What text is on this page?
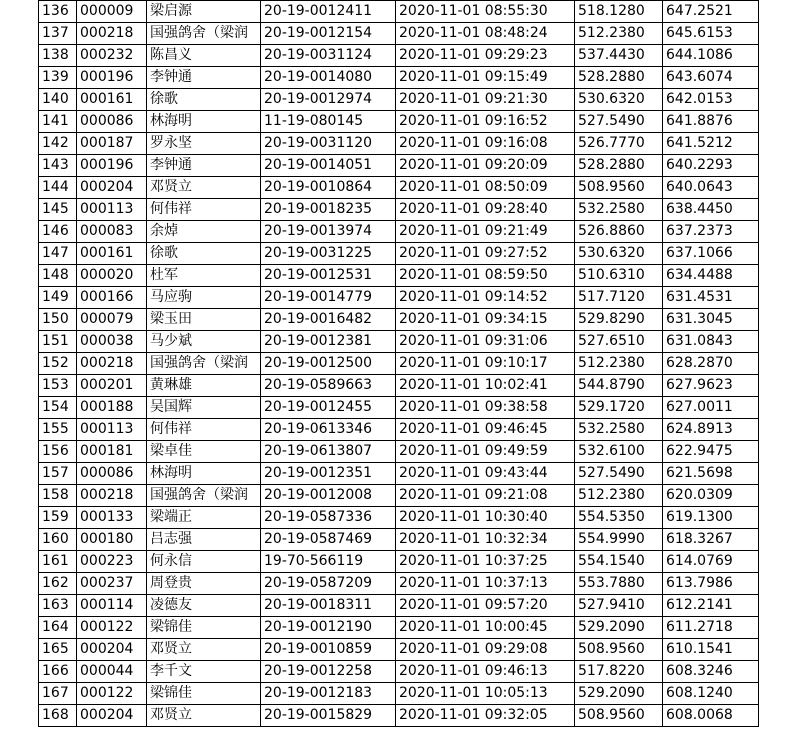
136	000009	梁启源	20-19-0012411	2020-11-01 08:55:30	518.1280	647.2521
137	000218	国强鸽舍（梁润	20-19-0012154	2020-11-01 08:48:24	512.2380	645.6153
138	000232	陈昌义	20-19-0031124	2020-11-01 09:29:23	537.4430	644.1086
139	000196	李钟通	20-19-0014080	2020-11-01 09:15:49	528.2880	643.6074
140	000161	徐歌	20-19-0012974	2020-11-01 09:21:30	530.6320	642.0153
141	000086	林海明	11-19-080145	2020-11-01 09:16:52	527.5490	641.8876
142	000187	罗永坚	20-19-0031120	2020-11-01 09:16:08	526.7770	641.5212
143	000196	李钟通	20-19-0014051	2020-11-01 09:20:09	528.2880	640.2293
144	000204	邓贤立	20-19-0010864	2020-11-01 08:50:09	508.9560	640.0643
145	000113	何伟祥	20-19-0018235	2020-11-01 09:28:40	532.2580	638.4450
146	000083	余焯	20-19-0013974	2020-11-01 09:21:49	526.8860	637.2373
147	000161	徐歌	20-19-0031225	2020-11-01 09:27:52	530.6320	637.1066
148	000020	杜军	20-19-0012531	2020-11-01 08:59:50	510.6310	634.4488
149	000166	马应驹	20-19-0014779	2020-11-01 09:14:52	517.7120	631.4531
150	000079	梁玉田	20-19-0016482	2020-11-01 09:34:15	529.8290	631.3045
151	000038	马少斌	20-19-0012381	2020-11-01 09:31:06	527.6510	631.0843
152	000218	国强鸽舍（梁润	20-19-0012500	2020-11-01 09:10:17	512.2380	628.2870
153	000201	黄琳雄	20-19-0589663	2020-11-01 10:02:41	544.8790	627.9623
154	000188	吴国辉	20-19-0012455	2020-11-01 09:38:58	529.1720	627.0011
155	000113	何伟祥	20-19-0613346	2020-11-01 09:46:45	532.2580	624.8913
156	000181	梁卓佳	20-19-0613807	2020-11-01 09:49:59	532.6100	622.9475
157	000086	林海明	20-19-0012351	2020-11-01 09:43:44	527.5490	621.5698
158	000218	国强鸽舍（梁润	20-19-0012008	2020-11-01 09:21:08	512.2380	620.0309
159	000133	梁端正	20-19-0587336	2020-11-01 10:30:40	554.5350	619.1300
160	000180	吕志强	20-19-0587469	2020-11-01 10:32:34	554.9990	618.3267
161	000223	何永信	19-70-566119	2020-11-01 10:37:25	554.1540	614.0769
162	000237	周登贵	20-19-0587209	2020-11-01 10:37:13	553.7880	613.7986
163	000114	凌德友	20-19-0018311	2020-11-01 09:57:20	527.9410	612.2141
164	000122	梁锦佳	20-19-0012190	2020-11-01 10:00:45	529.2090	611.2718
165	000204	邓贤立	20-19-0010859	2020-11-01 09:29:08	508.9560	610.1541
166	000044	李千文	20-19-0012258	2020-11-01 09:46:13	517.8220	608.3246
167	000122	梁锦佳	20-19-0012183	2020-11-01 10:05:13	529.2090	608.1240
168	000204	邓贤立	20-19-0015829	2020-11-01 09:32:05	508.9560	608.0068
